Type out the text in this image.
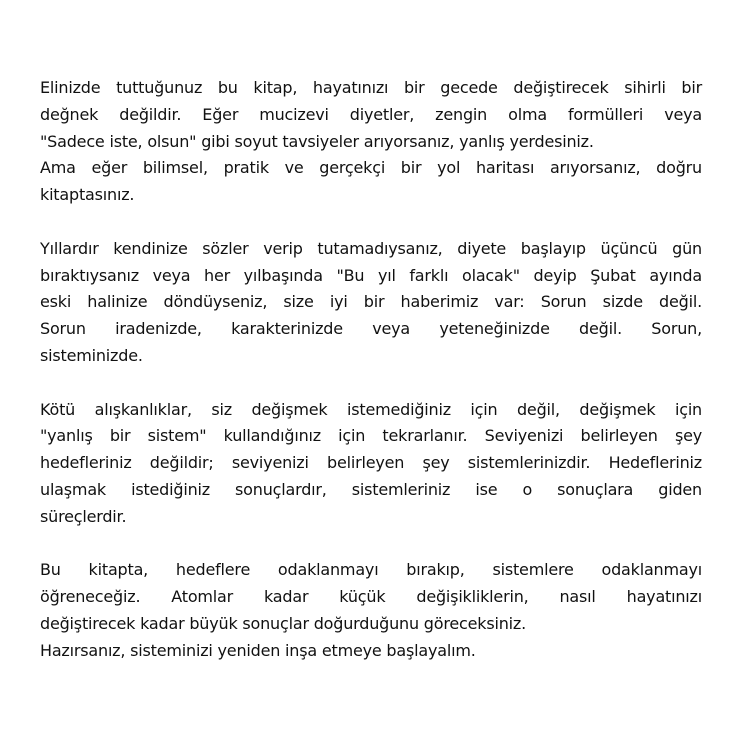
Elinizde tuttuğunuz bu kitap, hayatınızı bir gecede değiştirecek sihirli bir
değnek değildir. Eğer mucizevi diyetler, zengin olma formülleri veya
"Sadece iste, olsun" gibi soyut tavsiyeler arıyorsanız, yanlış yerdesiniz.
Ama eğer bilimsel, pratik ve gerçekçi bir yol haritası arıyorsanız, doğru
kitaptasınız.
Yıllardır kendinize sözler verip tutamadıysanız, diyete başlayıp üçüncü gün
bıraktıysanız veya her yılbaşında "Bu yıl farklı olacak" deyip Şubat ayında
eski halinize döndüyseniz, size iyi bir haberimiz var: Sorun sizde değil.
Sorun iradenizde, karakterinizde veya yeteneğinizde değil. Sorun,
sisteminizde.
Kötü alışkanlıklar, siz değişmek istemediğiniz için değil, değişmek için
"yanlış bir sistem" kullandığınız için tekrarlanır. Seviyenizi belirleyen şey
hedefleriniz değildir; seviyenizi belirleyen şey sistemlerinizdir. Hedefleriniz
ulaşmak istediğiniz sonuçlardır, sistemleriniz ise o sonuçlara giden
süreçlerdir.
Bu kitapta, hedeflere odaklanmayı bırakıp, sistemlere odaklanmayı
öğreneceğiz. Atomlar kadar küçük değişikliklerin, nasıl hayatınızı
değiştirecek kadar büyük sonuçlar doğurduğunu göreceksiniz.
Hazırsanız, sisteminizi yeniden inşa etmeye başlayalım.
